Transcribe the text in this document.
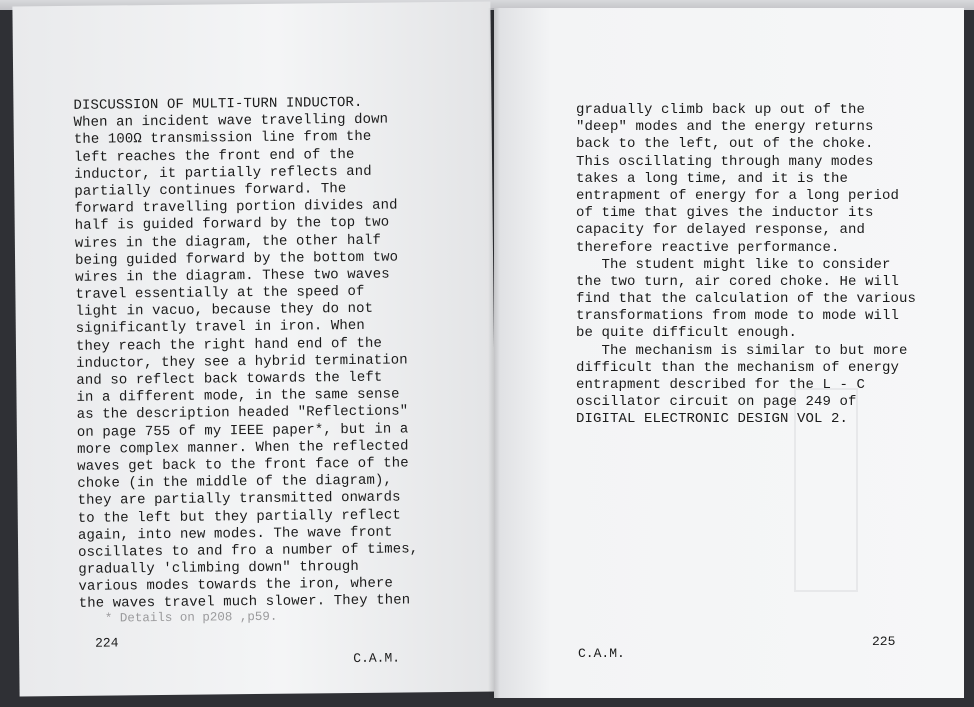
DISCUSSION OF MULTI-TURN INDUCTOR.
When an incident wave travelling down
the 100Ω transmission line from the
left reaches the front end of the
inductor, it partially reflects and
partially continues forward. The
forward travelling portion divides and
half is guided forward by the top two
wires in the diagram, the other half
being guided forward by the bottom two
wires in the diagram. These two waves
travel essentially at the speed of
light in vacuo, because they do not
significantly travel in iron. When
they reach the right hand end of the
inductor, they see a hybrid termination
and so reflect back towards the left
in a different mode, in the same sense
as the description headed "Reflections"
on page 755 of my IEEE paper*, but in a
more complex manner. When the reflected
waves get back to the front face of the
choke (in the middle of the diagram),
they are partially transmitted onwards
to the left but they partially reflect
again, into new modes. The wave front
oscillates to and fro a number of times,
gradually 'climbing down" through
various modes towards the iron, where
the waves travel much slower. They then
* Details on p208 ,p59.
224
C.A.M.
gradually climb back up out of the
"deep" modes and the energy returns
back to the left, out of the choke.
This oscillating through many modes
takes a long time, and it is the
entrapment of energy for a long period
of time that gives the inductor its
capacity for delayed response, and
therefore reactive performance.
The student might like to consider
the two turn, air cored choke. He will
find that the calculation of the various
transformations from mode to mode will
be quite difficult enough.
The mechanism is similar to but more
difficult than the mechanism of energy
entrapment described for the L - C
oscillator circuit on page 249 of
DIGITAL ELECTRONIC DESIGN VOL 2.
C.A.M.
225
